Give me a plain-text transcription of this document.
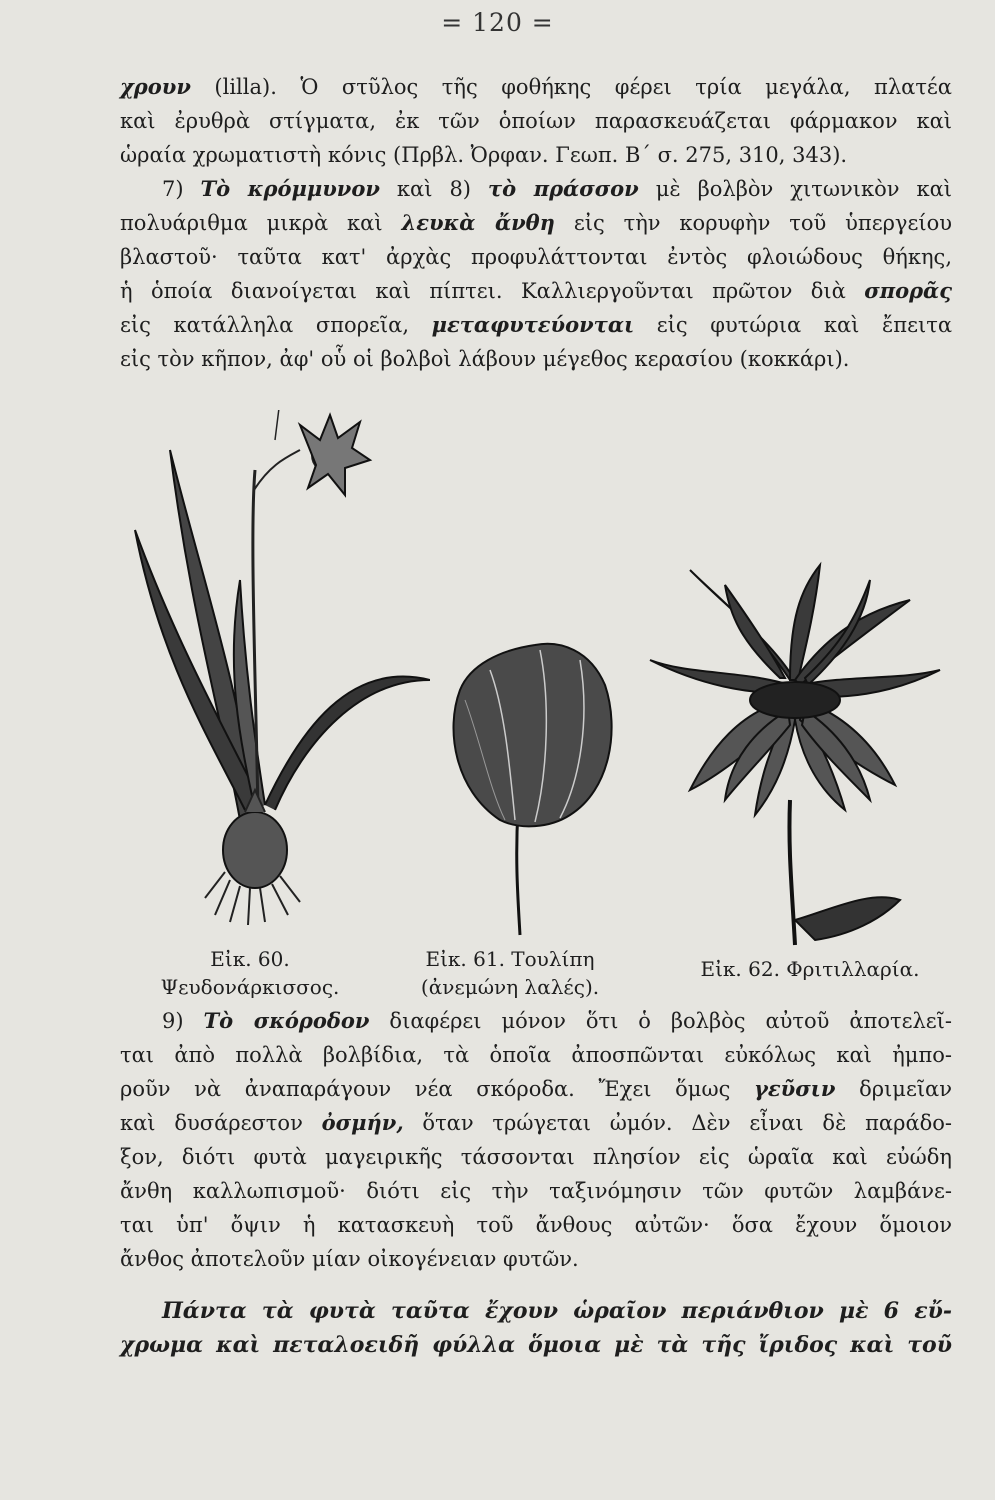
= 120 =

χρουν (lilla). Ὁ στῦλος τῆς φοθήκης φέρει τρία μεγάλα, πλατέα

καὶ ἐρυθρὰ στίγματα, ἐκ τῶν ὁποίων παρασκευάζεται φάρμακον καὶ

ὡραία χρωματιστὴ κόνις (Πρβλ. Ὀρφαν. Γεωπ. Β΄ σ. 275, 310, 343).

7) Τὸ κρόμμυνον καὶ 8) τὸ πράσσον μὲ βολβὸν χιτωνικὸν καὶ

πολυάριθμα μικρὰ καὶ λευκὰ ἄνθη εἰς τὴν κορυφὴν τοῦ ὑπεργείου

βλαστοῦ· ταῦτα κατ' ἀρχὰς προφυλάττονται ἐντὸς φλοιώδους θήκης,

ἡ ὁποία διανοίγεται καὶ πίπτει. Καλλιεργοῦνται πρῶτον διὰ σπορᾶς

εἰς κατάλληλα σπορεῖα, μεταφυτεύονται εἰς φυτώρια καὶ ἔπειτα

εἰς τὸν κῆπον, ἀφ' οὗ οἱ βολβοὶ λάβουν μέγεθος κερασίου (κοκκάρι).

Εἰκ. 60.
Ψευδονάρκισσος.
Εἰκ. 61. Τουλίπη
(ἀνεμώνη λαλές).
Εἰκ. 62. Φριτιλλαρία.

9) Τὸ σκόροδον διαφέρει μόνον ὅτι ὁ βολβὸς αὐτοῦ ἀποτελεῖ-

ται ἀπὸ πολλὰ βολβίδια, τὰ ὁποῖα ἀποσπῶνται εὐκόλως καὶ ἠμπο-

ροῦν νὰ ἀναπαράγουν νέα σκόροδα. Ἔχει ὅμως γεῦσιν δριμεῖαν

καὶ δυσάρεστον ὀσμήν, ὅταν τρώγεται ὠμόν. Δὲν εἶναι δὲ παράδο-

ξον, διότι φυτὰ μαγειρικῆς τάσσονται πλησίον εἰς ὡραῖα καὶ εὐώδη

ἄνθη καλλωπισμοῦ· διότι εἰς τὴν ταξινόμησιν τῶν φυτῶν λαμβάνε-

ται ὑπ' ὄψιν ἡ κατασκευὴ τοῦ ἄνθους αὐτῶν· ὅσα ἔχουν ὅμοιον

ἄνθος ἀποτελοῦν μίαν οἰκογένειαν φυτῶν.

Πάντα τὰ φυτὰ ταῦτα ἔχουν ὡραῖον περιάνθιον μὲ 6 εὔ-

χρωμα καὶ πεταλοειδῆ φύλλα ὅμοια μὲ τὰ τῆς ἴριδος καὶ τοῦ
